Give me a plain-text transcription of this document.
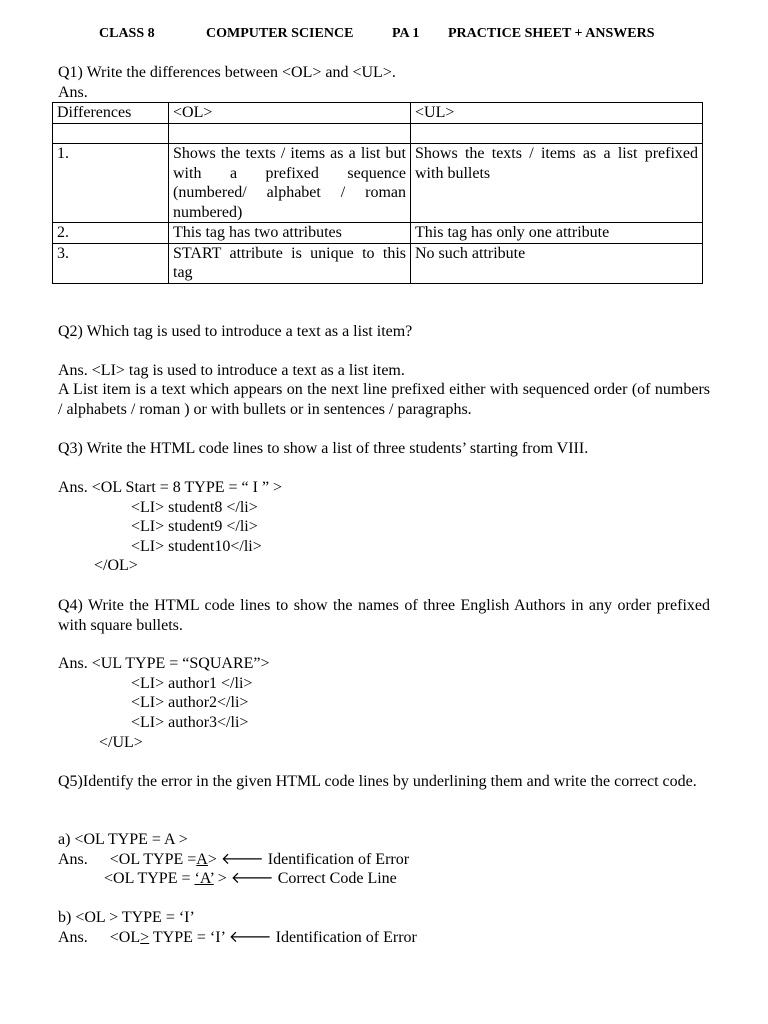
CLASS 8	COMPUTER SCIENCE	PA 1 PRACTICE SHEET + ANSWERS
Q1) Write the differences between <OL> and <UL>.
Ans.
Differences	<OL>	<UL>

1.	Shows the texts / items as a list but with a prefixed sequence (numbered/ alphabet / roman numbered)	Shows the texts / items as a list prefixed with bullets
2.	This tag has two attributes	This tag has only one attribute
3.	START attribute is unique to this tag	No such attribute
Q2) Which tag is used to introduce a text as a list item?
Ans. <LI> tag is used to introduce a text as a list item.
A List item is a text which appears on the next line prefixed either with sequenced order (of numbers / alphabets / roman ) or with bullets or in sentences / paragraphs.
Q3) Write the HTML code lines to show a list of three students’ starting from VIII.
Ans. <OL Start = 8 TYPE = “ I ” >
<LI> student8 </li>
<LI> student9 </li>
<LI> student10</li>
</OL>
Q4) Write the HTML code lines to show the names of three English Authors in any order prefixed with square bullets.
Ans. <UL TYPE = “SQUARE”>
<LI> author1 </li>
<LI> author2</li>
<LI> author3</li>
</UL>
Q5)Identify the error in the given HTML code lines by underlining them and write the correct code.
a) <OL TYPE = A >
Ans. <OL TYPE =A> 🡐 Identification of Error
<OL TYPE = ‘A’ > 🡐 Correct Code Line
b) <OL > TYPE = ‘I’
Ans. <OL> TYPE = ‘I’ 🡐 Identification of Error
